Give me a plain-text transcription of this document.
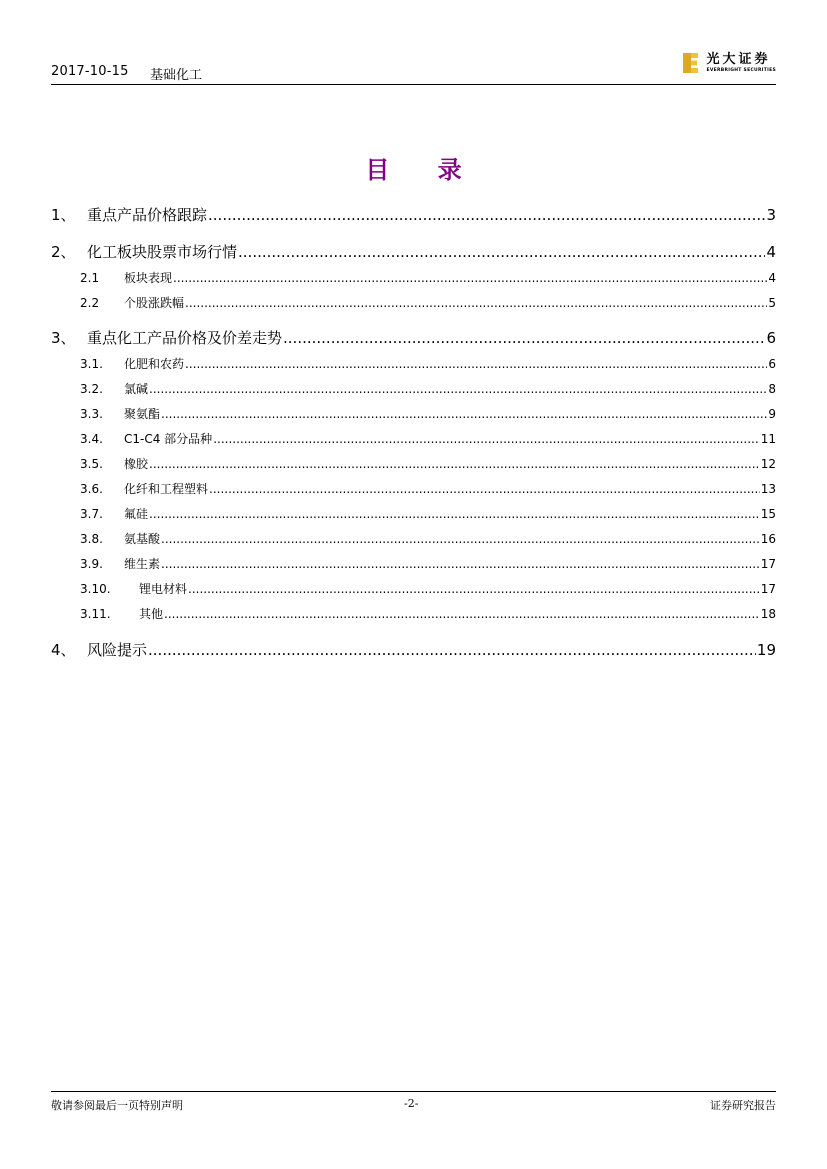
2017-10-15 基础化工
光大证券
EVERBRIGHT SECURITIES
目 录
1、 重点产品价格跟踪 .....	3
2、 化工板块股票市场行情 .....	4
2.1	板块表现 .....	4
2.2	个股涨跌幅 .....	5
3、 重点化工产品价格及价差走势 .....	6
3.1.	化肥和农药 .....	6
3.2.	氯碱 .....	8
3.3.	聚氨酯 .....	9
3.4.	C1-C4 部分品种 .....	11
3.5.	橡胶 .....	12
3.6.	化纤和工程塑料 .....	13
3.7.	氟硅 .....	15
3.8.	氨基酸 .....	16
3.9.	维生素 .....	17
3.10.	锂电材料 .....	17
3.11.	其他 .....	18
4、 风险提示 .....	19
敬请参阅最后一页特别声明	-2-	证券研究报告
